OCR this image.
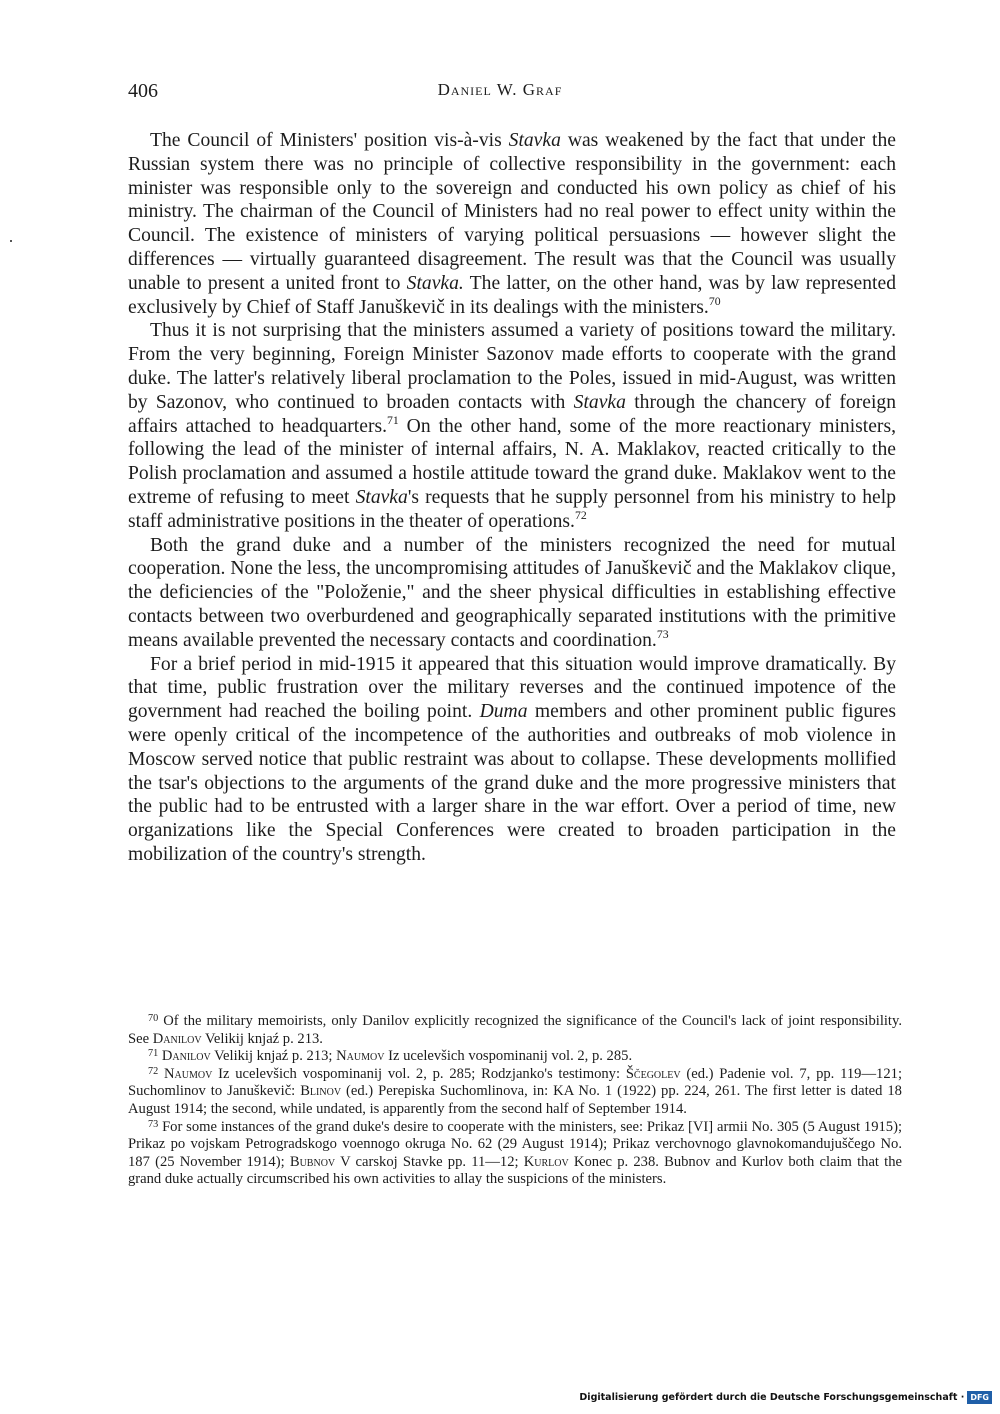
406	Daniel W. Graf

The Council of Ministers' position vis-à-vis Stavka was weakened by the fact that under the Russian system there was no principle of collective responsibility in the government: each minister was responsible only to the sovereign and conducted his own policy as chief of his ministry. The chairman of the Council of Ministers had no real power to effect unity within the Council. The existence of ministers of varying political persuasions — however slight the differences — virtually guaranteed disagreement. The result was that the Council was usually unable to present a united front to Stavka. The latter, on the other hand, was by law represented exclusively by Chief of Staff Januškevič in its dealings with the ministers.$^{70}$

Thus it is not surprising that the ministers assumed a variety of positions toward the military. From the very beginning, Foreign Minister Sazonov made efforts to cooperate with the grand duke. The latter's relatively liberal proclamation to the Poles, issued in mid-August, was written by Sazonov, who continued to broaden contacts with Stavka through the chancery of foreign affairs attached to headquarters.$^{71}$ On the other hand, some of the more reactionary ministers, following the lead of the minister of internal affairs, N. A. Maklakov, reacted critically to the Polish proclamation and assumed a hostile attitude toward the grand duke. Maklakov went to the extreme of refusing to meet Stavka's requests that he supply personnel from his ministry to help staff administrative positions in the theater of operations.$^{72}$

Both the grand duke and a number of the ministers recognized the need for mutual cooperation. None the less, the uncompromising attitudes of Januškevič and the Maklakov clique, the deficiencies of the "Položenie," and the sheer physical difficulties in establishing effective contacts between two overburdened and geographically separated institutions with the primitive means available prevented the necessary contacts and coordination.$^{73}$

For a brief period in mid-1915 it appeared that this situation would improve dramatically. By that time, public frustration over the military reverses and the continued impotence of the government had reached the boiling point. Duma members and other prominent public figures were openly critical of the incompetence of the authorities and outbreaks of mob violence in Moscow served notice that public restraint was about to collapse. These developments mollified the tsar's objections to the arguments of the grand duke and the more progressive ministers that the public had to be entrusted with a larger share in the war effort. Over a period of time, new organizations like the Special Conferences were created to broaden participation in the mobilization of the country's strength.

$^{70}$ Of the military memoirists, only Danilov explicitly recognized the significance of the Council's lack of joint responsibility. See Danilov Velikij knjaź p. 213.

$^{71}$ Danilov Velikij knjaź p. 213; Naumov Iz ucelevšich vospominanij vol. 2, p. 285.

$^{72}$ Naumov Iz ucelevšich vospominanij vol. 2, p. 285; Rodzjanko's testimony: Ščegolev (ed.) Padenie vol. 7, pp. 119—121; Suchomlinov to Januškevič: Blinov (ed.) Perepiska Suchomlinova, in: KA No. 1 (1922) pp. 224, 261. The first letter is dated 18 August 1914; the second, while undated, is apparently from the second half of September 1914.

$^{73}$ For some instances of the grand duke's desire to cooperate with the ministers, see: Prikaz [VI] armii No. 305 (5 August 1915); Prikaz po vojskam Petrogradskogo voennogo okruga No. 62 (29 August 1914); Prikaz verchovnogo glavnokomandujuščego No. 187 (25 November 1914); Bubnov V carskoj Stavke pp. 11—12; Kurlov Konec p. 238. Bubnov and Kurlov both claim that the grand duke actually circumscribed his own activities to allay the suspicions of the ministers.

Digitalisierung gefördert durch die Deutsche Forschungsgemeinschaft · DFG
